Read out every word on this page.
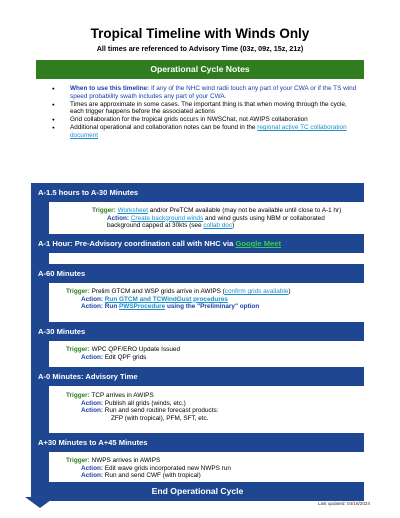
Tropical Timeline with Winds Only
All times are referenced to Advisory Time (03z, 09z, 15z, 21z)
Operational Cycle Notes
● When to use this timeline: If any of the NHC wind radii touch any part of your CWA or if the TS wind speed probability swath includes any part of your CWA.
● Times are approximate in some cases. The important thing is that when moving through the cycle, each trigger happens before the associated actions
● Grid collaboration for the tropical grids occurs in NWSChat, not AWIPS collaboration
● Additional operational and collaboration notes can be found in the regional active TC collaboration document
A-1.5 hours to A-30 Minutes
Trigger: Worksheet and/or PreTCM available (may not be available until close to A-1 hr)
Action: Create background winds and wind gusts using NBM or collaborated
background capped at 30kts (see collab doc)
A-1 Hour: Pre-Advisory coordination call with NHC via Google Meet
A-60 Minutes
Trigger: Prelim GTCM and WSP grids arrive in AWIPS (confirm grids available)
Action: Run GTCM and TCWindGust procedures
Action: Run PWSProcedure using the "Preliminary" option
A-30 Minutes
Trigger: WPC QPF/ERO Update Issued
Action: Edit QPF grids
A-0 Minutes: Advisory Time
Trigger: TCP arrives in AWIPS
Action: Publish all grids (winds, etc.)
Action: Run and send routine forecast products:
ZFP (with tropical), PFM, SFT, etc.
A+30 Minutes to A+45 Minutes
Trigger: NWPS arrives in AWIPS
Action: Edit wave grids incorporated new NWPS run
Action: Run and send CWF (with tropical)
End Operational Cycle
Last updated: 04/18/2024
